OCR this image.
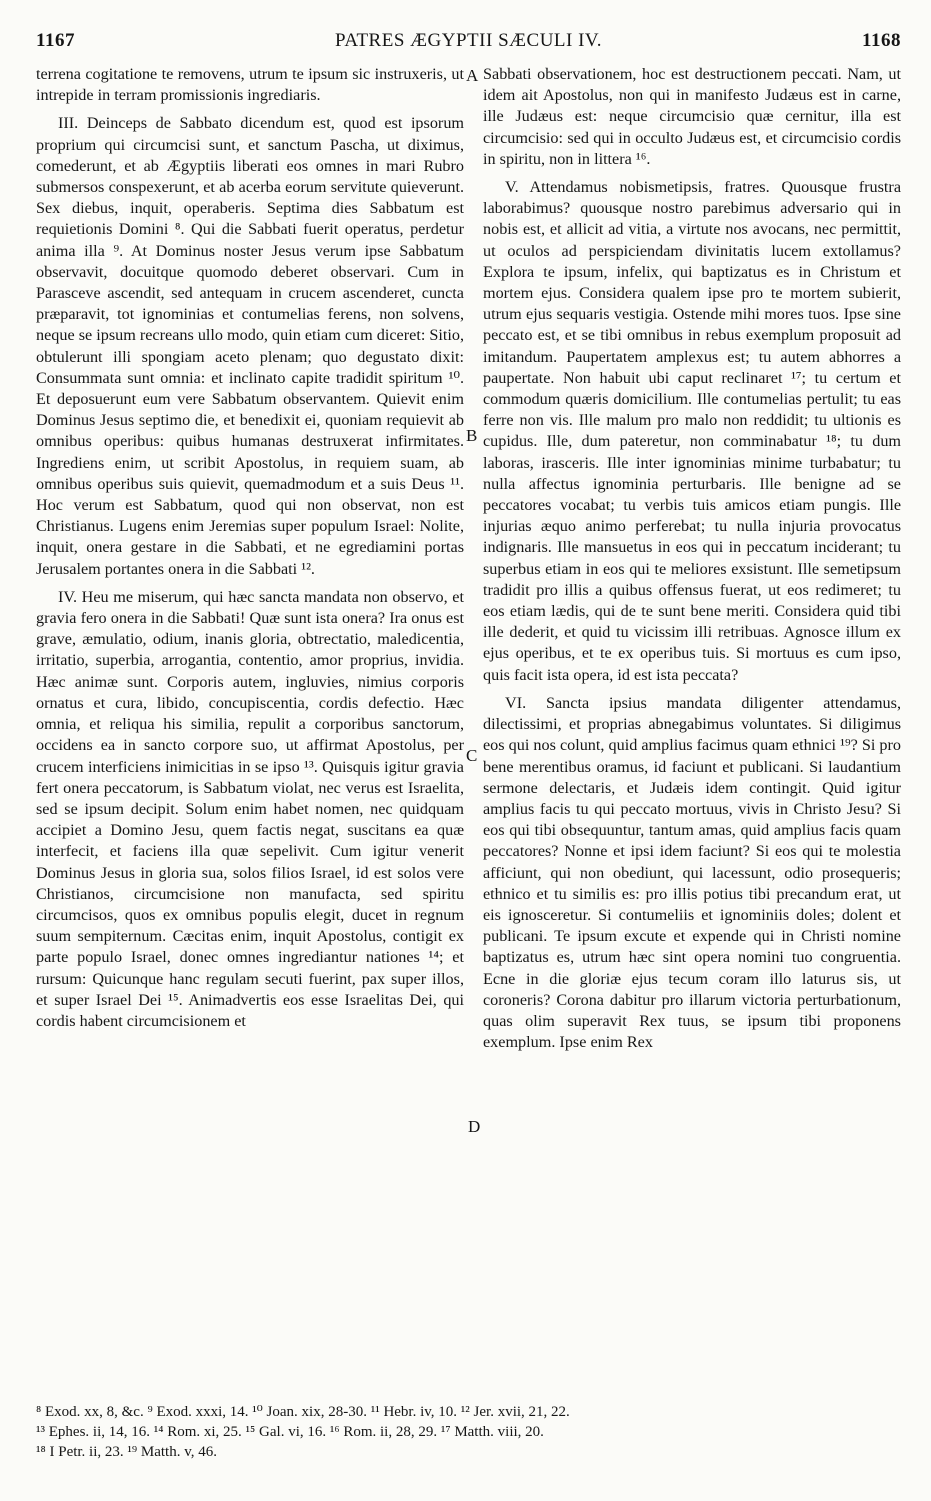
1167	PATRES ÆGYPTII SÆCULI IV.	1168

terrena cogitatione te removens, utrum te ipsum sic instruxeris, ut intrepide in terram promissionis ingrediaris.

III. Deinceps de Sabbato dicendum est, quod est ipsorum proprium qui circumcisi sunt, et sanctum Pascha, ut diximus, comederunt, et ab Ægyptiis liberati eos omnes in mari Rubro submersos conspexerunt, et ab acerba eorum servitute quieverunt. Sex diebus, inquit, operaberis. Septima dies Sabbatum est requietionis Domini ⁸. Qui die Sabbati fuerit operatus, perdetur anima illa ⁹. At Dominus noster Jesus verum ipse Sabbatum observavit, docuitque quomodo deberet observari. Cum in Parasceve ascendit, sed antequam in crucem ascenderet, cuncta præparavit, tot ignominias et contumelias ferens, non solvens, neque se ipsum recreans ullo modo, quin etiam cum diceret: Sitio, obtulerunt illi spongiam aceto plenam; quo degustato dixit: Consummata sunt omnia: et inclinato capite tradidit spiritum ¹⁰. Et deposuerunt eum vere Sabbatum observantem. Quievit enim Dominus Jesus septimo die, et benedixit ei, quoniam requievit ab omnibus operibus: quibus humanas destruxerat infirmitates. Ingrediens enim, ut scribit Apostolus, in requiem suam, ab omnibus operibus suis quievit, quemadmodum et a suis Deus ¹¹. Hoc verum est Sabbatum, quod qui non observat, non est Christianus. Lugens enim Jeremias super populum Israel: Nolite, inquit, onera gestare in die Sabbati, et ne egrediamini portas Jerusalem portantes onera in die Sabbati ¹².

IV. Heu me miserum, qui hæc sancta mandata non observo, et gravia fero onera in die Sabbati! Quæ sunt ista onera? Ira onus est grave, æmulatio, odium, inanis gloria, obtrectatio, maledicentia, irritatio, superbia, arrogantia, contentio, amor proprius, invidia. Hæc animæ sunt. Corporis autem, ingluvies, nimius corporis ornatus et cura, libido, concupiscentia, cordis defectio. Hæc omnia, et reliqua his similia, repulit a corporibus sanctorum, occidens ea in sancto corpore suo, ut affirmat Apostolus, per crucem interficiens inimicitias in se ipso ¹³. Quisquis igitur gravia fert onera peccatorum, is Sabbatum violat, nec verus est Israelita, sed se ipsum decipit. Solum enim habet nomen, nec quidquam accipiet a Domino Jesu, quem factis negat, suscitans ea quæ interfecit, et faciens illa quæ sepelivit. Cum igitur venerit Dominus Jesus in gloria sua, solos filios Israel, id est solos vere Christianos, circumcisione non manufacta, sed spiritu circumcisos, quos ex omnibus populis elegit, ducet in regnum suum sempiternum. Cæcitas enim, inquit Apostolus, contigit ex parte populo Israel, donec omnes ingrediantur nationes ¹⁴; et rursum: Quicunque hanc regulam secuti fuerint, pax super illos, et super Israel Dei ¹⁵. Animadvertis eos esse Israelitas Dei, qui cordis habent circumcisionem et

Sabbati observationem, hoc est destructionem peccati. Nam, ut idem ait Apostolus, non qui in manifesto Judæus est in carne, ille Judæus est: neque circumcisio quæ cernitur, illa est circumcisio: sed qui in occulto Judæus est, et circumcisio cordis in spiritu, non in littera ¹⁶.

V. Attendamus nobismetipsis, fratres. Quousque frustra laborabimus? quousque nostro parebimus adversario qui in nobis est, et allicit ad vitia, a virtute nos avocans, nec permittit, ut oculos ad perspiciendam divinitatis lucem extollamus? Explora te ipsum, infelix, qui baptizatus es in Christum et mortem ejus. Considera qualem ipse pro te mortem subierit, utrum ejus sequaris vestigia. Ostende mihi mores tuos. Ipse sine peccato est, et se tibi omnibus in rebus exemplum proposuit ad imitandum. Paupertatem amplexus est; tu autem abhorres a paupertate. Non habuit ubi caput reclinaret ¹⁷; tu certum et commodum quæris domicilium. Ille contumelias pertulit; tu eas ferre non vis. Ille malum pro malo non reddidit; tu ultionis es cupidus. Ille, dum pateretur, non comminabatur ¹⁸; tu dum laboras, irasceris. Ille inter ignominias minime turbabatur; tu nulla affectus ignominia perturbaris. Ille benigne ad se peccatores vocabat; tu verbis tuis amicos etiam pungis. Ille injurias æquo animo perferebat; tu nulla injuria provocatus indignaris. Ille mansuetus in eos qui in peccatum inciderant; tu superbus etiam in eos qui te meliores exsistunt. Ille semetipsum tradidit pro illis a quibus offensus fuerat, ut eos redimeret; tu eos etiam lædis, qui de te sunt bene meriti. Considera quid tibi ille dederit, et quid tu vicissim illi retribuas. Agnosce illum ex ejus operibus, et te ex operibus tuis. Si mortuus es cum ipso, quis facit ista opera, id est ista peccata?

VI. Sancta ipsius mandata diligenter attendamus, dilectissimi, et proprias abnegabimus voluntates. Si diligimus eos qui nos colunt, quid amplius facimus quam ethnici ¹⁹? Si pro bene merentibus oramus, id faciunt et publicani. Si laudantium sermone delectaris, et Judæis idem contingit. Quid igitur amplius facis tu qui peccato mortuus, vivis in Christo Jesu? Si eos qui tibi obsequuntur, tantum amas, quid amplius facis quam peccatores? Nonne et ipsi idem faciunt? Si eos qui te molestia afficiunt, qui non obediunt, qui lacessunt, odio prosequeris; ethnico et tu similis es: pro illis potius tibi precandum erat, ut eis ignosceretur. Si contumeliis et ignominiis doles; dolent et publicani. Te ipsum excute et expende qui in Christi nomine baptizatus es, utrum hæc sint opera nomini tuo congruentia. Ecne in die gloriæ ejus tecum coram illo laturus sis, ut coroneris? Corona dabitur pro illarum victoria perturbationum, quas olim superavit Rex tuus, se ipsum tibi proponens exemplum. Ipse enim Rex

A
B
C
D
⁸ Exod. xx, 8, &c. ⁹ Exod. xxxi, 14. ¹⁰ Joan. xix, 28-30. ¹¹ Hebr. iv, 10. ¹² Jer. xvii, 21, 22.
¹³ Ephes. ii, 14, 16. ¹⁴ Rom. xi, 25. ¹⁵ Gal. vi, 16. ¹⁶ Rom. ii, 28, 29. ¹⁷ Matth. viii, 20.
¹⁸ I Petr. ii, 23. ¹⁹ Matth. v, 46.
